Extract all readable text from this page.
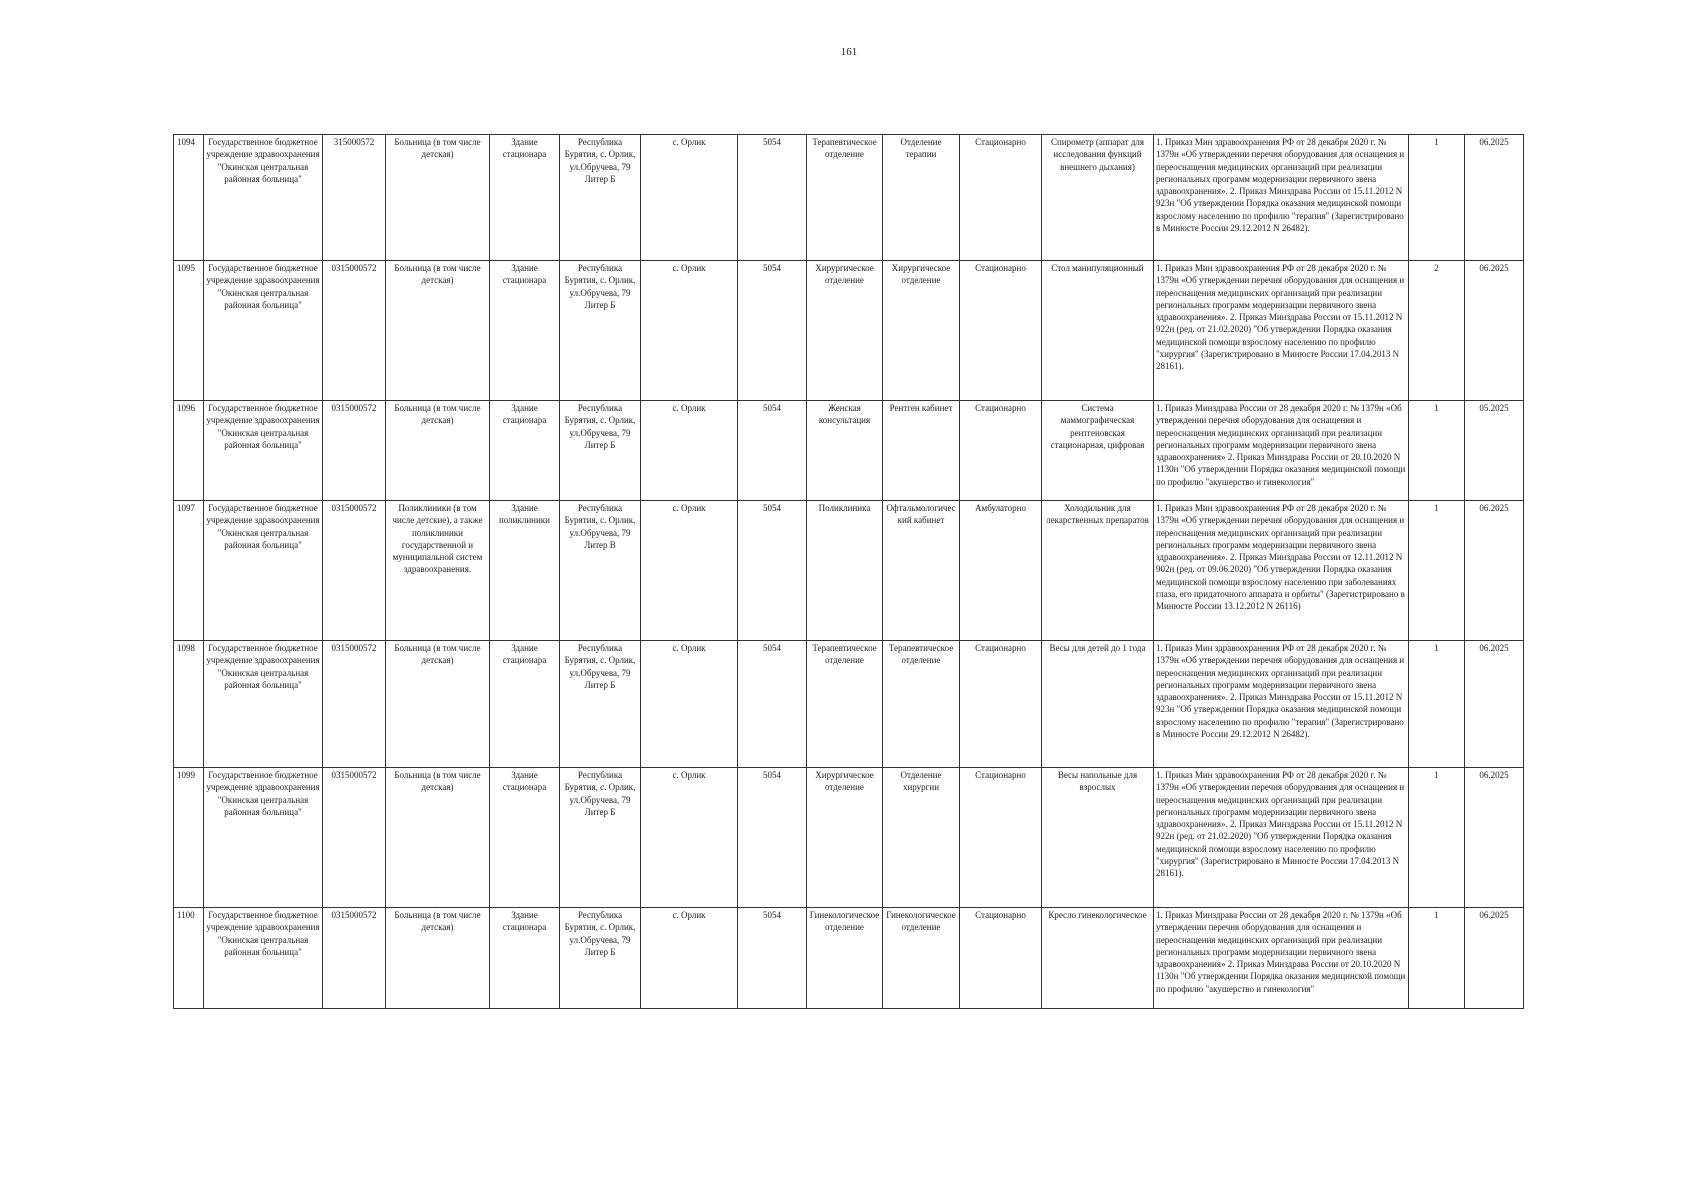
161
1094	Государственное бюджетное учреждение здравоохранения "Окинская центральная районная больница"	315000572	Больница (в том числе детская)	Здание стационара	Республика Бурятия, с. Орлик, ул.Обручева, 79 Литер Б	с. Орлик	5054	Терапевтическое отделение	Отделение терапии	Стационарно	Спирометр (аппарат для исследования функций внешнего дыхания)	1. Приказ Мин здравоохранения РФ от 28 декабря 2020 г. № 1379н «Об утверждении перечня оборудования для оснащения и переоснащения медицинских организаций при реализации региональных программ модернизации первичного звена здравоохранения». 2. Приказ Минздрава России от 15.11.2012 N 923н "Об утверждении Порядка оказания медицинской помощи взрослому населению по профилю "терапия" (Зарегистрировано в Минюсте России 29.12.2012 N 26482).	1	06.2025
1095	Государственное бюджетное учреждение здравоохранения "Окинская центральная районная больница"	0315000572	Больница (в том числе детская)	Здание стационара	Республика Бурятия, с. Орлик, ул.Обручева, 79 Литер Б	с. Орлик	5054	Хирургическое отделение	Хирургическое отделение	Стационарно	Стол манипуляционный	1. Приказ Мин здравоохранения РФ от 28 декабря 2020 г. № 1379н «Об утверждении перечня оборудования для оснащения и переоснащения медицинских организаций при реализации региональных программ модернизации первичного звена здравоохранения». 2. Приказ Минздрава России от 15.11.2012 N 922н (ред. от 21.02.2020) "Об утверждении Порядка оказания медицинской помощи взрослому населению по профилю "хирургия" (Зарегистрировано в Минюсте России 17.04.2013 N 28161).	2	06.2025
1096	Государственное бюджетное учреждение здравоохранения "Окинская центральная районная больница"	0315000572	Больница (в том числе детская)	Здание стационара	Республика Бурятия, с. Орлик, ул.Обручева, 79 Литер Б	с. Орлик	5054	Женская консультация	Рентген кабинет	Стационарно	Система маммографическая рентгеновская стационарная, цифровая	1. Приказ Минздрава России от 28 декабря 2020 г. № 1379н «Об утверждении перечня оборудования для оснащения и переоснащения медицинских организаций при реализации региональных программ модернизации первичного звена здравоохранения» 2. Приказ Минздрава России от 20.10.2020 N 1130н "Об утверждении Порядка оказания медицинской помощи по профилю "акушерство и гинекология"	1	05.2025
1097	Государственное бюджетное учреждение здравоохранения "Окинская центральная районная больница"	0315000572	Поликлиники (в том числе детские), а также поликлиники государственной и муниципальной систем здравоохранения.	Здание поликлиники	Республика Бурятия, с. Орлик, ул.Обручева, 79 Литер В	с. Орлик	5054	Поликлиника	Офтальмологический кабинет	Амбулаторно	Холодильник для лекарственных препаратов	1. Приказ Мин здравоохранения РФ от 28 декабря 2020 г. № 1379н «Об утверждении перечня оборудования для оснащения и переоснащения медицинских организаций при реализации региональных программ модернизации первичного звена здравоохранения». 2. Приказ Минздрава России от 12.11.2012 N 902н (ред. от 09.06.2020) "Об утверждении Порядка оказания медицинской помощи взрослому населению при заболеваниях глаза, его придаточного аппарата и орбиты" (Зарегистрировано в Минюсте России 13.12.2012 N 26116)	1	06.2025
1098	Государственное бюджетное учреждение здравоохранения "Окинская центральная районная больница"	0315000572	Больница (в том числе детская)	Здание стационара	Республика Бурятия, с. Орлик, ул.Обручева, 79 Литер Б	с. Орлик	5054	Терапевтическое отделение	Терапевтическое отделение	Стационарно	Весы для детей до 1 года	1. Приказ Мин здравоохранения РФ от 28 декабря 2020 г. № 1379н «Об утверждении перечня оборудования для оснащения и переоснащения медицинских организаций при реализации региональных программ модернизации первичного звена здравоохранения». 2. Приказ Минздрава России от 15.11.2012 N 923н "Об утверждении Порядка оказания медицинской помощи взрослому населению по профилю "терапия" (Зарегистрировано в Минюсте России 29.12.2012 N 26482).	1	06.2025
1099	Государственное бюджетное учреждение здравоохранения "Окинская центральная районная больница"	0315000572	Больница (в том числе детская)	Здание стационара	Республика Бурятия, с. Орлик, ул.Обручева, 79 Литер Б	с. Орлик	5054	Хирургическое отделение	Отделение хирургии	Стационарно	Весы напольные для взрослых	1. Приказ Мин здравоохранения РФ от 28 декабря 2020 г. № 1379н «Об утверждении перечня оборудования для оснащения и переоснащения медицинских организаций при реализации региональных программ модернизации первичного звена здравоохранения». 2. Приказ Минздрава России от 15.11.2012 N 922н (ред. от 21.02.2020) "Об утверждении Порядка оказания медицинской помощи взрослому населению по профилю "хирургия" (Зарегистрировано в Минюсте России 17.04.2013 N 28161).	1	06.2025
1100	Государственное бюджетное учреждение здравоохранения "Окинская центральная районная больница"	0315000572	Больница (в том числе детская)	Здание стационара	Республика Бурятия, с. Орлик, ул.Обручева, 79 Литер Б	с. Орлик	5054	Гинекологическое отделение	Гинекологическое отделение	Стационарно	Кресло гинекологическое	1. Приказ Минздрава России от 28 декабря 2020 г. № 1379н «Об утверждении перечня оборудования для оснащения и переоснащения медицинских организаций при реализации региональных программ модернизации первичного звена здравоохранения» 2. Приказ Минздрава России от 20.10.2020 N 1130н "Об утверждении Порядка оказания медицинской помощи по профилю "акушерство и гинекология"	1	06.2025
